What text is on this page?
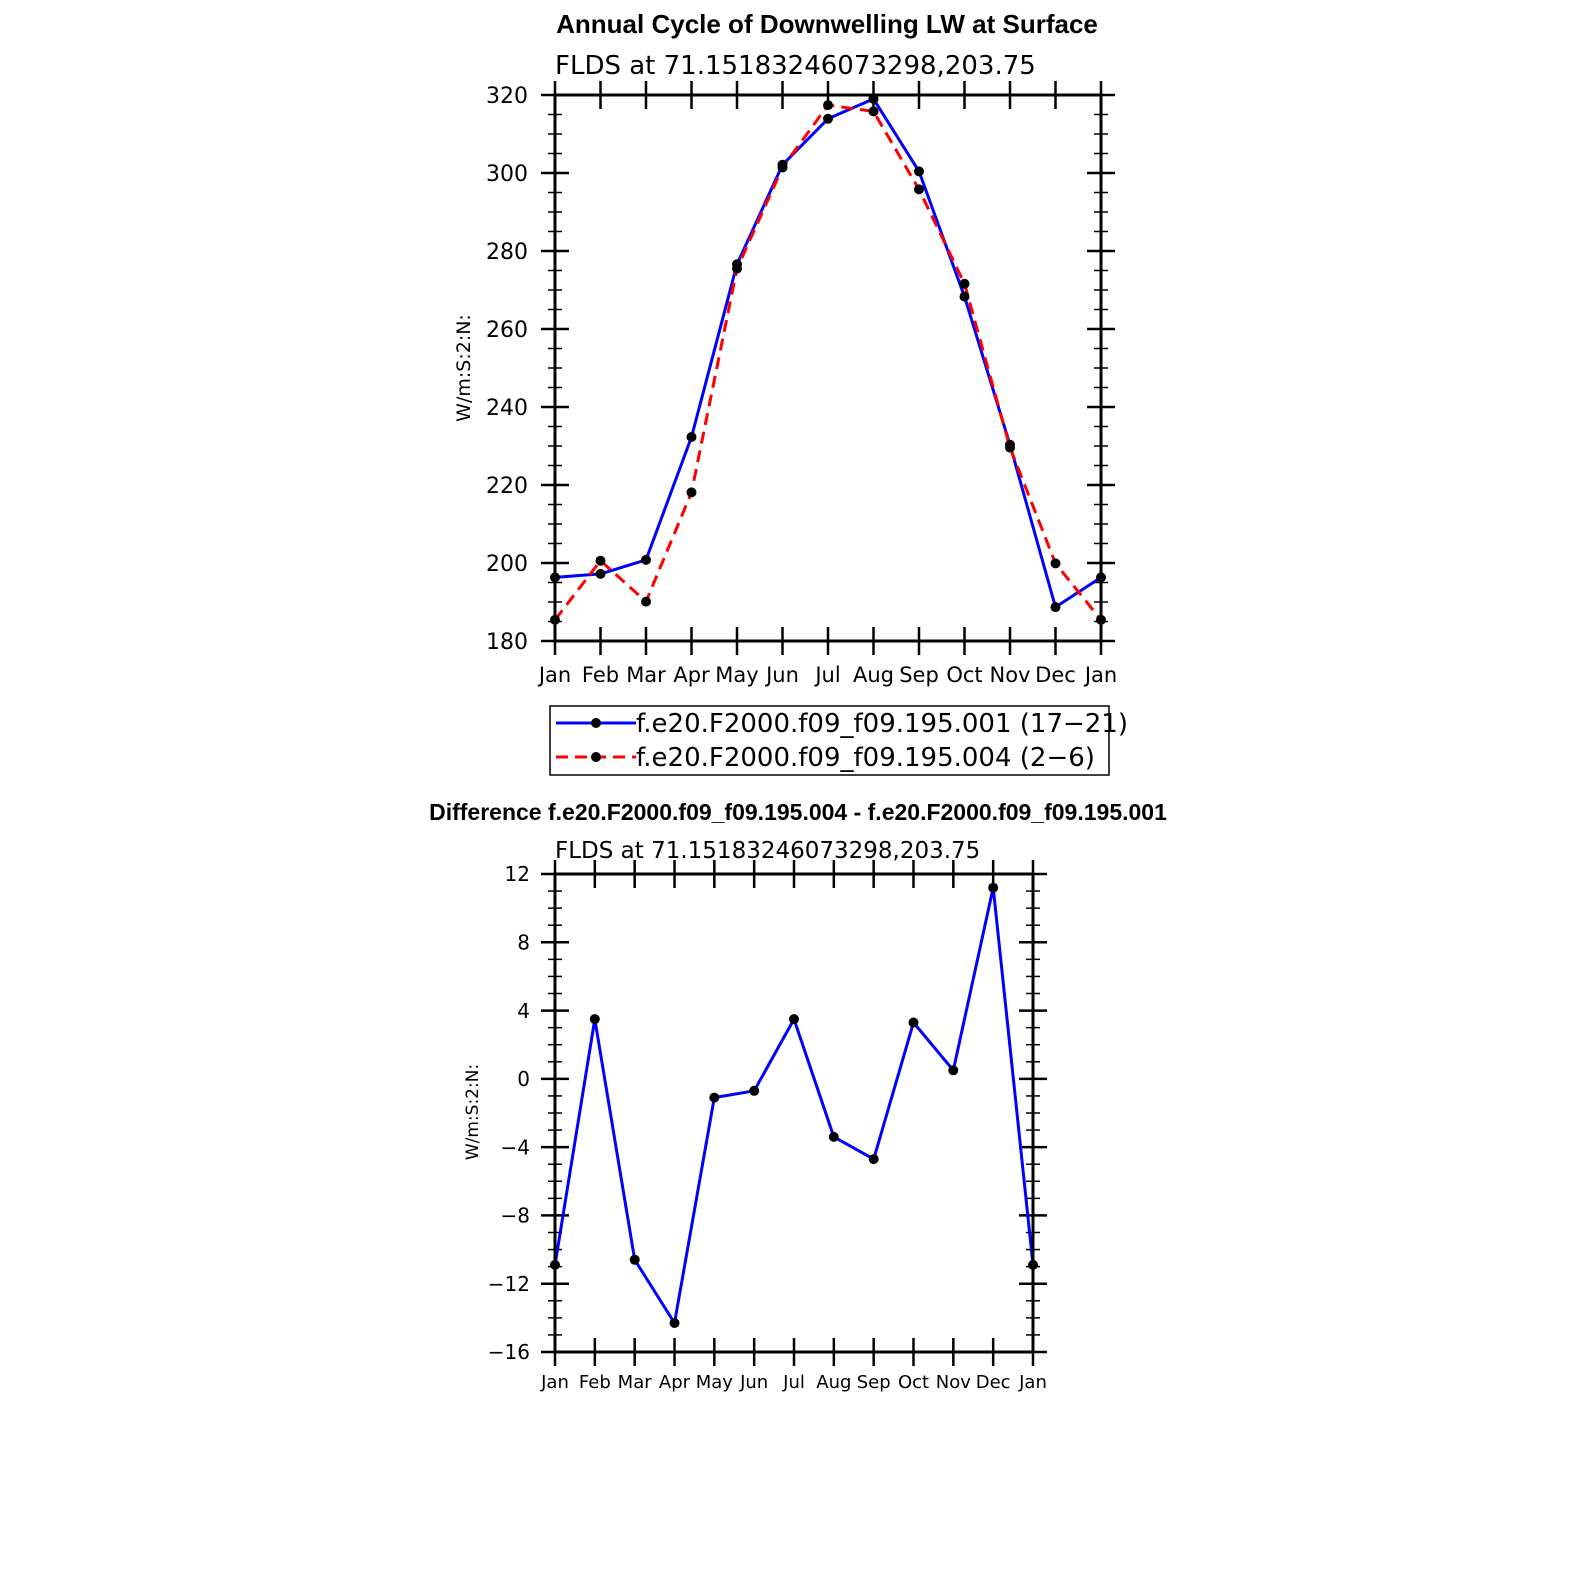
Annual Cycle of Downwelling LW at Surface
FLDS at 71.15183246073298,203.75
W/m:S:2:N:
180
200
220
240
260
280
300
320
Jan Feb Mar Apr May Jun Jul Aug Sep Oct Nov Dec Jan
f.e20.F2000.f09_f09.195.001 (17−21)
f.e20.F2000.f09_f09.195.004 (2−6)
Difference f.e20.F2000.f09_f09.195.004 - f.e20.F2000.f09_f09.195.001
FLDS at 71.15183246073298,203.75
W/m:S:2:N:
−16
−12
−8
−4
0
4
8
12
Jan Feb Mar Apr May Jun Jul Aug Sep Oct Nov Dec Jan
